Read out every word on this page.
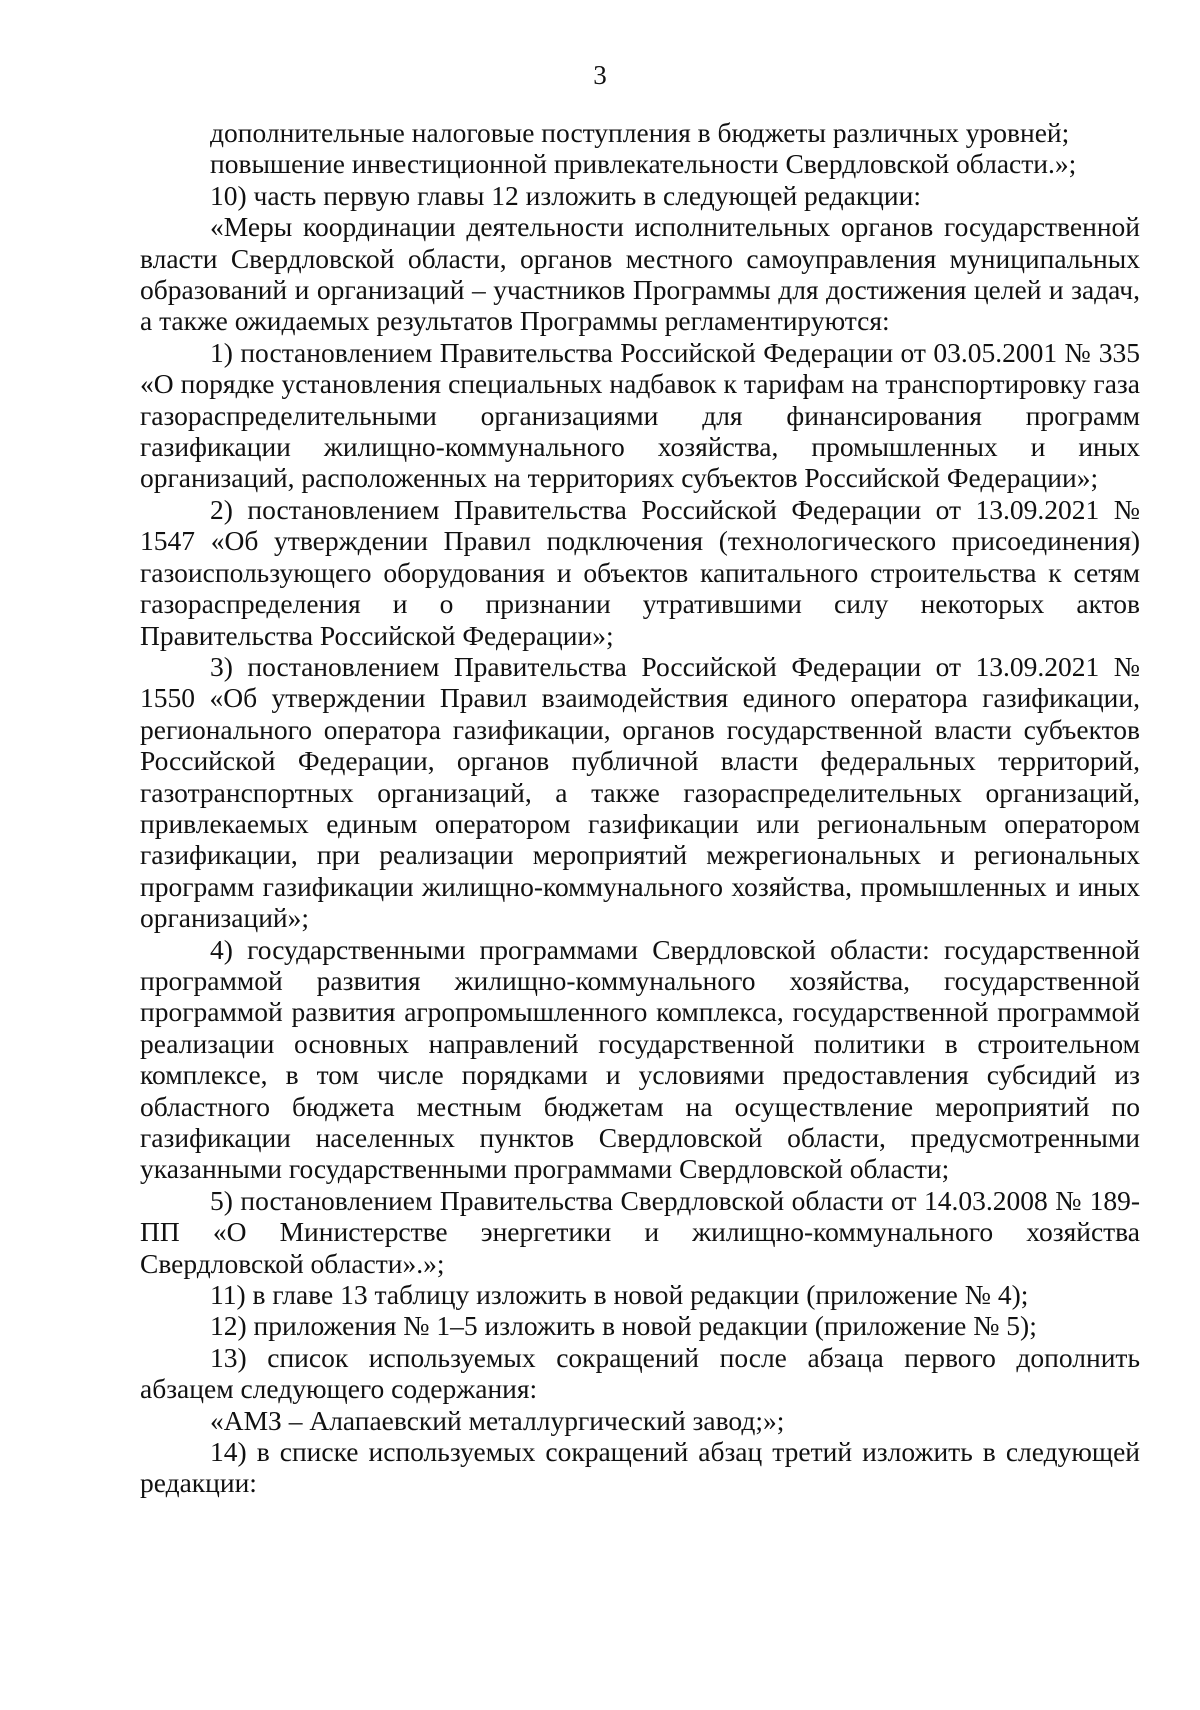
3

дополнительные налоговые поступления в бюджеты различных уровней;

повышение инвестиционной привлекательности Свердловской области.»;

10) часть первую главы 12 изложить в следующей редакции:

«Меры координации деятельности исполнительных органов государственной власти Свердловской области, органов местного самоуправления муниципальных образований и организаций – участников Программы для достижения целей и задач, а также ожидаемых результатов Программы регламентируются:

1) постановлением Правительства Российской Федерации от 03.05.2001 № 335 «О порядке установления специальных надбавок к тарифам на транспортировку газа газораспределительными организациями для финансирования программ газификации жилищно-коммунального хозяйства, промышленных и иных организаций, расположенных на территориях субъектов Российской Федерации»;

2) постановлением Правительства Российской Федерации от 13.09.2021 № 1547 «Об утверждении Правил подключения (технологического присоединения) газоиспользующего оборудования и объектов капитального строительства к сетям газораспределения и о признании утратившими силу некоторых актов Правительства Российской Федерации»;

3) постановлением Правительства Российской Федерации от 13.09.2021 № 1550 «Об утверждении Правил взаимодействия единого оператора газификации, регионального оператора газификации, органов государственной власти субъектов Российской Федерации, органов публичной власти федеральных территорий, газотранспортных организаций, а также газораспределительных организаций, привлекаемых единым оператором газификации или региональным оператором газификации, при реализации мероприятий межрегиональных и региональных программ газификации жилищно-коммунального хозяйства, промышленных и иных организаций»;

4) государственными программами Свердловской области: государственной программой развития жилищно-коммунального хозяйства, государственной программой развития агропромышленного комплекса, государственной программой реализации основных направлений государственной политики в строительном комплексе, в том числе порядками и условиями предоставления субсидий из областного бюджета местным бюджетам на осуществление мероприятий по газификации населенных пунктов Свердловской области, предусмотренными указанными государственными программами Свердловской области;

5) постановлением Правительства Свердловской области от 14.03.2008 № 189-ПП «О Министерстве энергетики и жилищно-коммунального хозяйства Свердловской области».»;

11) в главе 13 таблицу изложить в новой редакции (приложение № 4);

12) приложения № 1–5 изложить в новой редакции (приложение № 5);

13) список используемых сокращений после абзаца первого дополнить абзацем следующего содержания:

«АМЗ – Алапаевский металлургический завод;»;

14) в списке используемых сокращений абзац третий изложить в следующей редакции:
